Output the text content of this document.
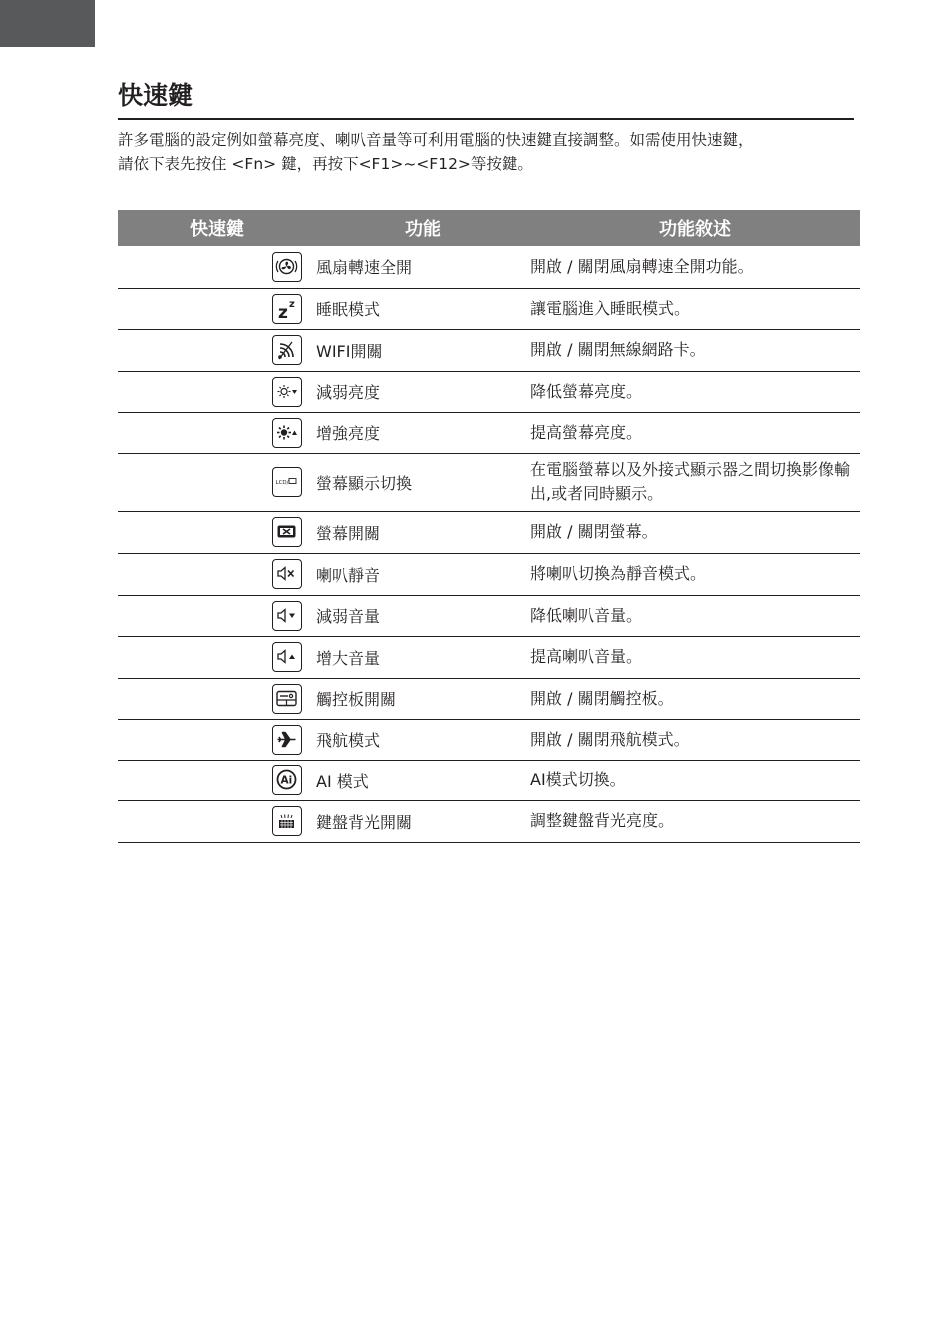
快速鍵

許多電腦的設定例如螢幕亮度、喇叭音量等可利用電腦的快速鍵直接調整。如需使用快速鍵，

請依下表先按住 <Fn> 鍵，再按下<F1>~<F12>等按鍵。

快速鍵	功能	功能敘述

	風扇轉速全開	開啟 / 關閉風扇轉速全開功能。

z z	睡眠模式	讓電腦進入睡眠模式。

	WIFI開關	開啟 / 關閉無線網路卡。

	減弱亮度	降低螢幕亮度。

	增強亮度	提高螢幕亮度。

LCD/	螢幕顯示切換	在電腦螢幕以及外接式顯示器之間切換影像輸出,或者同時顯示。

	螢幕開關	開啟 / 關閉螢幕。

	喇叭靜音	將喇叭切換為靜音模式。

	減弱音量	降低喇叭音量。

	增大音量	提高喇叭音量。

	觸控板開關	開啟 / 關閉觸控板。

	飛航模式	開啟 / 關閉飛航模式。

Ai	AI 模式	AI模式切換。

	鍵盤背光開關	調整鍵盤背光亮度。
